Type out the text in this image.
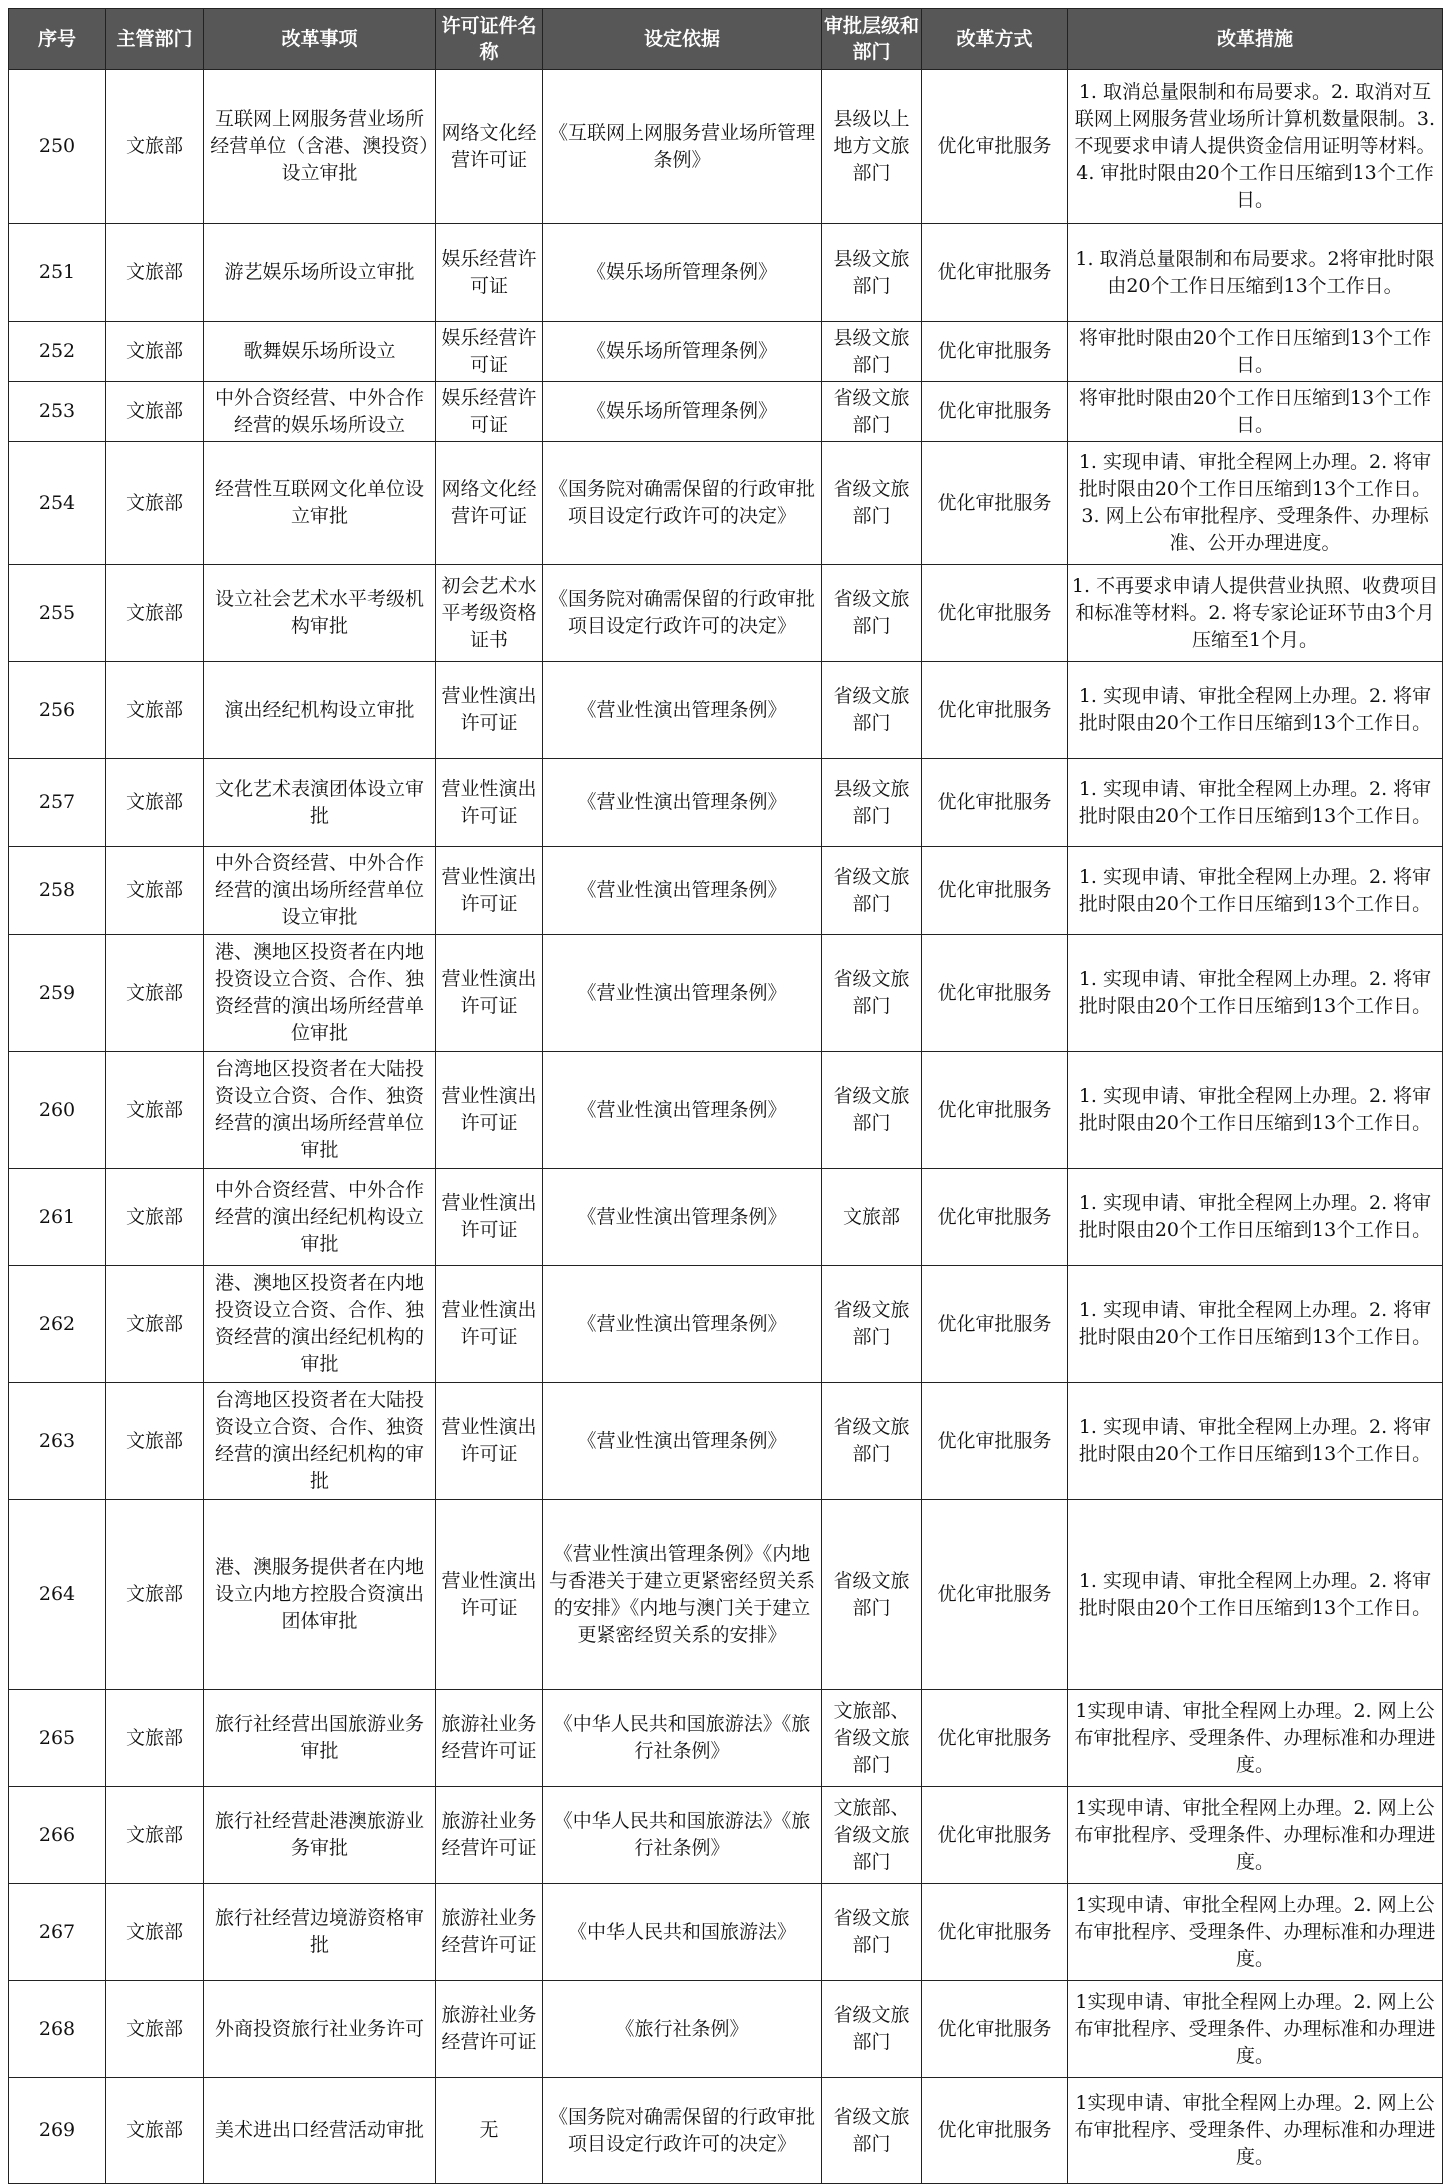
序号	主管部门	改革事项	许可证件名称	设定依据	审批层级和部门	改革方式	改革措施
250	文旅部	互联网上网服务营业场所经营单位（含港、澳投资）设立审批	网络文化经营许可证	《互联网上网服务营业场所管理条例》	县级以上地方文旅部门	优化审批服务	1. 取消总量限制和布局要求。2. 取消对互联网上网服务营业场所计算机数量限制。3. 不现要求申请人提供资金信用证明等材料。4. 审批时限由20个工作日压缩到13个工作日。
251	文旅部	游艺娱乐场所设立审批	娱乐经营许可证	《娱乐场所管理条例》	县级文旅部门	优化审批服务	1. 取消总量限制和布局要求。2将审批时限由20个工作日压缩到13个工作日。
252	文旅部	歌舞娱乐场所设立	娱乐经营许可证	《娱乐场所管理条例》	县级文旅部门	优化审批服务	将审批时限由20个工作日压缩到13个工作日。
253	文旅部	中外合资经营、中外合作经营的娱乐场所设立	娱乐经营许可证	《娱乐场所管理条例》	省级文旅部门	优化审批服务	将审批时限由20个工作日压缩到13个工作日。
254	文旅部	经营性互联网文化单位设立审批	网络文化经营许可证	《国务院对确需保留的行政审批项目设定行政许可的决定》	省级文旅部门	优化审批服务	1. 实现申请、审批全程网上办理。2. 将审批时限由20个工作日压缩到13个工作日。3. 网上公布审批程序、受理条件、办理标准、公开办理进度。
255	文旅部	设立社会艺术水平考级机构审批	初会艺术水平考级资格证书	《国务院对确需保留的行政审批项目设定行政许可的决定》	省级文旅部门	优化审批服务	1. 不再要求申请人提供营业执照、收费项目和标准等材料。2. 将专家论证环节由3个月压缩至1个月。
256	文旅部	演出经纪机构设立审批	营业性演出许可证	《营业性演出管理条例》	省级文旅部门	优化审批服务	1. 实现申请、审批全程网上办理。2. 将审批时限由20个工作日压缩到13个工作日。
257	文旅部	文化艺术表演团体设立审批	营业性演出许可证	《营业性演出管理条例》	县级文旅部门	优化审批服务	1. 实现申请、审批全程网上办理。2. 将审批时限由20个工作日压缩到13个工作日。
258	文旅部	中外合资经营、中外合作经营的演出场所经营单位设立审批	营业性演出许可证	《营业性演出管理条例》	省级文旅部门	优化审批服务	1. 实现申请、审批全程网上办理。2. 将审批时限由20个工作日压缩到13个工作日。
259	文旅部	港、澳地区投资者在内地投资设立合资、合作、独资经营的演出场所经营单位审批	营业性演出许可证	《营业性演出管理条例》	省级文旅部门	优化审批服务	1. 实现申请、审批全程网上办理。2. 将审批时限由20个工作日压缩到13个工作日。
260	文旅部	台湾地区投资者在大陆投资设立合资、合作、独资经营的演出场所经营单位审批	营业性演出许可证	《营业性演出管理条例》	省级文旅部门	优化审批服务	1. 实现申请、审批全程网上办理。2. 将审批时限由20个工作日压缩到13个工作日。
261	文旅部	中外合资经营、中外合作经营的演出经纪机构设立审批	营业性演出许可证	《营业性演出管理条例》	文旅部	优化审批服务	1. 实现申请、审批全程网上办理。2. 将审批时限由20个工作日压缩到13个工作日。
262	文旅部	港、澳地区投资者在内地投资设立合资、合作、独资经营的演出经纪机构的审批	营业性演出许可证	《营业性演出管理条例》	省级文旅部门	优化审批服务	1. 实现申请、审批全程网上办理。2. 将审批时限由20个工作日压缩到13个工作日。
263	文旅部	台湾地区投资者在大陆投资设立合资、合作、独资经营的演出经纪机构的审批	营业性演出许可证	《营业性演出管理条例》	省级文旅部门	优化审批服务	1. 实现申请、审批全程网上办理。2. 将审批时限由20个工作日压缩到13个工作日。
264	文旅部	港、澳服务提供者在内地设立内地方控股合资演出团体审批	营业性演出许可证	《营业性演出管理条例》《内地与香港关于建立更紧密经贸关系的安排》《内地与澳门关于建立更紧密经贸关系的安排》	省级文旅部门	优化审批服务	1. 实现申请、审批全程网上办理。2. 将审批时限由20个工作日压缩到13个工作日。
265	文旅部	旅行社经营出国旅游业务审批	旅游社业务经营许可证	《中华人民共和国旅游法》《旅行社条例》	文旅部、省级文旅部门	优化审批服务	1实现申请、审批全程网上办理。2. 网上公布审批程序、受理条件、办理标准和办理进度。
266	文旅部	旅行社经营赴港澳旅游业务审批	旅游社业务经营许可证	《中华人民共和国旅游法》《旅行社条例》	文旅部、省级文旅部门	优化审批服务	1实现申请、审批全程网上办理。2. 网上公布审批程序、受理条件、办理标准和办理进度。
267	文旅部	旅行社经营边境游资格审批	旅游社业务经营许可证	《中华人民共和国旅游法》	省级文旅部门	优化审批服务	1实现申请、审批全程网上办理。2. 网上公布审批程序、受理条件、办理标准和办理进度。
268	文旅部	外商投资旅行社业务许可	旅游社业务经营许可证	《旅行社条例》	省级文旅部门	优化审批服务	1实现申请、审批全程网上办理。2. 网上公布审批程序、受理条件、办理标准和办理进度。
269	文旅部	美术进出口经营活动审批	无	《国务院对确需保留的行政审批项目设定行政许可的决定》	省级文旅部门	优化审批服务	1实现申请、审批全程网上办理。2. 网上公布审批程序、受理条件、办理标准和办理进度。
